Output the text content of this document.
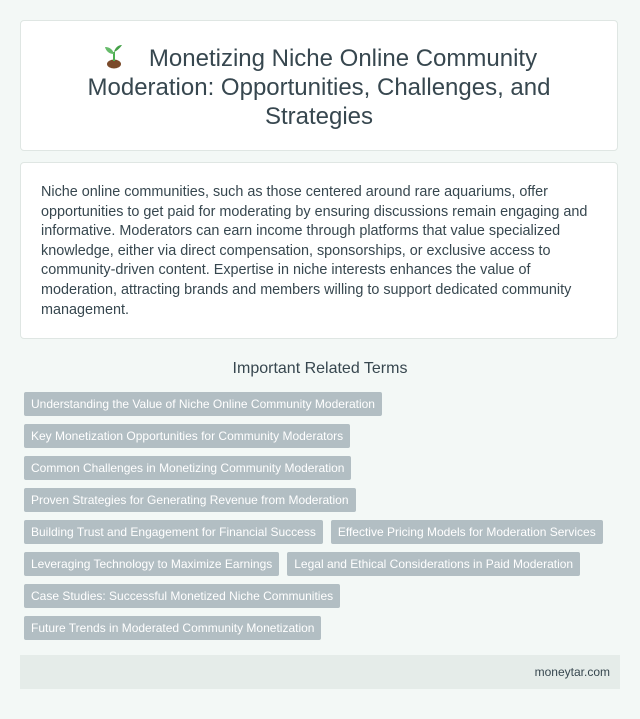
Monetizing Niche Online Community Moderation: Opportunities, Challenges, and Strategies

Niche online communities, such as those centered around rare aquariums, offer opportunities to get paid for moderating by ensuring discussions remain engaging and informative. Moderators can earn income through platforms that value specialized knowledge, either via direct compensation, sponsorships, or exclusive access to community-driven content. Expertise in niche interests enhances the value of moderation, attracting brands and members willing to support dedicated community management.

Important Related Terms
Understanding the Value of Niche Online Community Moderation
Key Monetization Opportunities for Community Moderators
Common Challenges in Monetizing Community Moderation
Proven Strategies for Generating Revenue from Moderation
Building Trust and Engagement for Financial Success	Effective Pricing Models for Moderation Services
Leveraging Technology to Maximize Earnings	Legal and Ethical Considerations in Paid Moderation
Case Studies: Successful Monetized Niche Communities
Future Trends in Moderated Community Monetization
moneytar.com
